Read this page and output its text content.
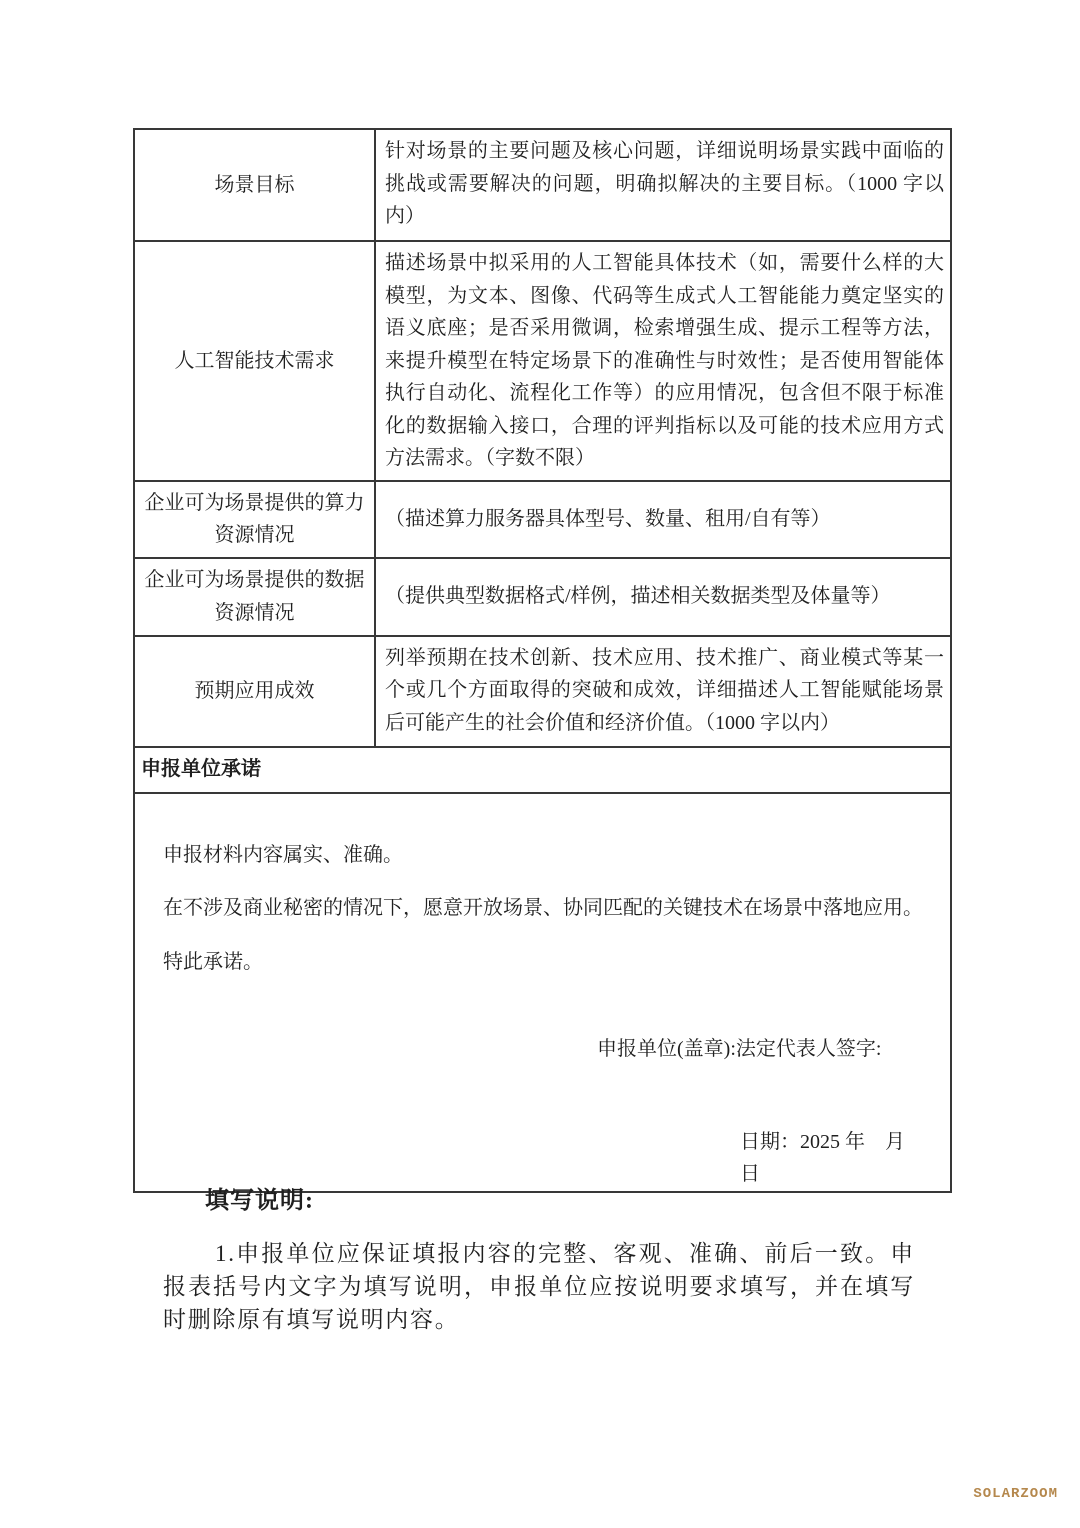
场景目标	针对场景的主要问题及核心问题，详细说明场景实践中面临的挑战或需要解决的问题，明确拟解决的主要目标。（1000 字以内）
人工智能技术需求	描述场景中拟采用的人工智能具体技术（如，需要什么样的大模型，为文本、图像、代码等生成式人工智能能力奠定坚实的语义底座；是否采用微调，检索增强生成、提示工程等方法，来提升模型在特定场景下的准确性与时效性；是否使用智能体执行自动化、流程化工作等）的应用情况，包含但不限于标准化的数据输入接口，合理的评判指标以及可能的技术应用方式方法需求。（字数不限）
企业可为场景提供的算力资源情况	（描述算力服务器具体型号、数量、租用/自有等）
企业可为场景提供的数据资源情况	（提供典型数据格式/样例，描述相关数据类型及体量等）
预期应用成效	列举预期在技术创新、技术应用、技术推广、商业模式等某一个或几个方面取得的突破和成效，详细描述人工智能赋能场景后可能产生的社会价值和经济价值。（1000 字以内）
申报单位承诺	

申报材料内容属实、准确。

在不涉及商业秘密的情况下，愿意开放场景、协同匹配的关键技术在场景中落地应用。

特此承诺。

申报单位(盖章):法定代表人签字:
日期：2025 年　月　日	
填写说明:

1.申报单位应保证填报内容的完整、客观、准确、前后一致。申报表括号内文字为填写说明，申报单位应按说明要求填写，并在填写时删除原有填写说明内容。

SOLARZOOM
